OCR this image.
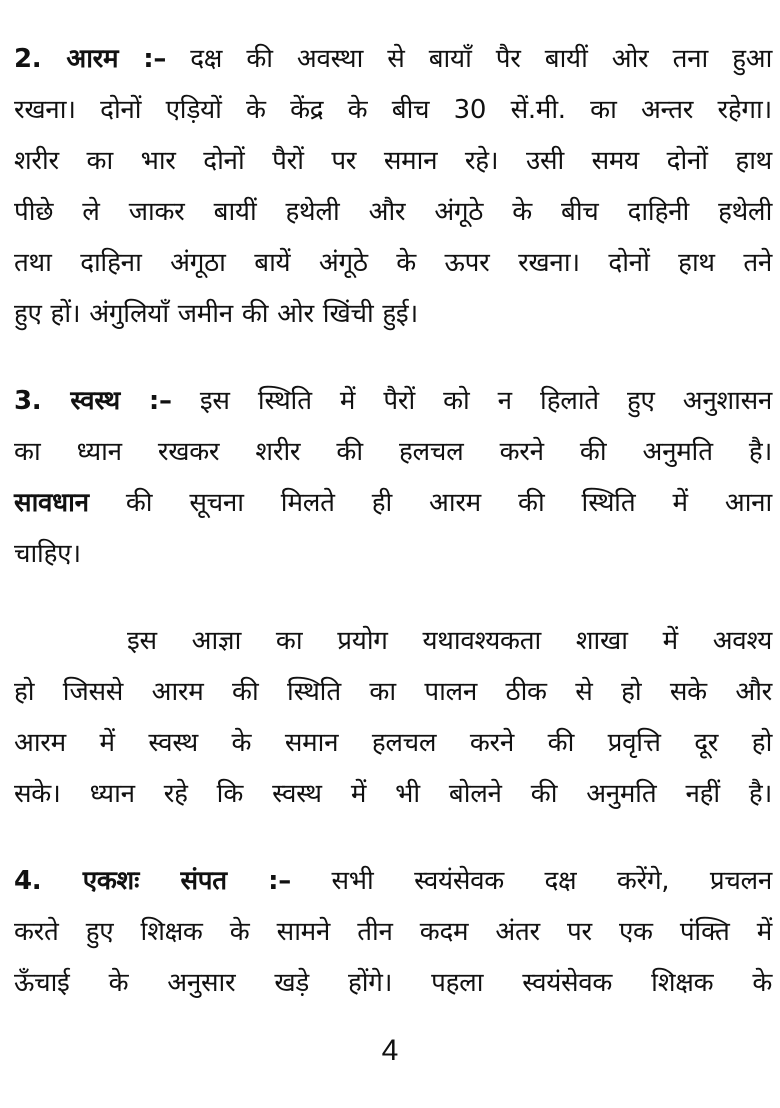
2. आरम :– दक्ष की अवस्था से बायाँ पैर बायीं ओर तना हुआ
रखना। दोनों एड़ियों के केंद्र के बीच 30 सें.मी. का अन्तर रहेगा।
शरीर का भार दोनों पैरों पर समान रहे। उसी समय दोनों हाथ
पीछे ले जाकर बायीं हथेली और अंगूठे के बीच दाहिनी हथेली
तथा दाहिना अंगूठा बायें अंगूठे के ऊपर रखना। दोनों हाथ तने
हुए हों। अंगुलियाँ जमीन की ओर खिंची हुई।
3. स्वस्थ :– इस स्थिति में पैरों को न हिलाते हुए अनुशासन
का ध्यान रखकर शरीर की हलचल करने की अनुमति है।
सावधान की सूचना मिलते ही आरम की स्थिति में आना
चाहिए।
इस आज्ञा का प्रयोग यथावश्यकता शाखा में अवश्य
हो जिससे आरम की स्थिति का पालन ठीक से हो सके और
आरम में स्वस्थ के समान हलचल करने की प्रवृत्ति दूर हो
सके। ध्यान रहे कि स्वस्थ में भी बोलने की अनुमति नहीं है।
4. एकशः संपत :– सभी स्वयंसेवक दक्ष करेंगे, प्रचलन
करते हुए शिक्षक के सामने तीन कदम अंतर पर एक पंक्ति में
ऊँचाई के अनुसार खड़े होंगे। पहला स्वयंसेवक शिक्षक के
4
